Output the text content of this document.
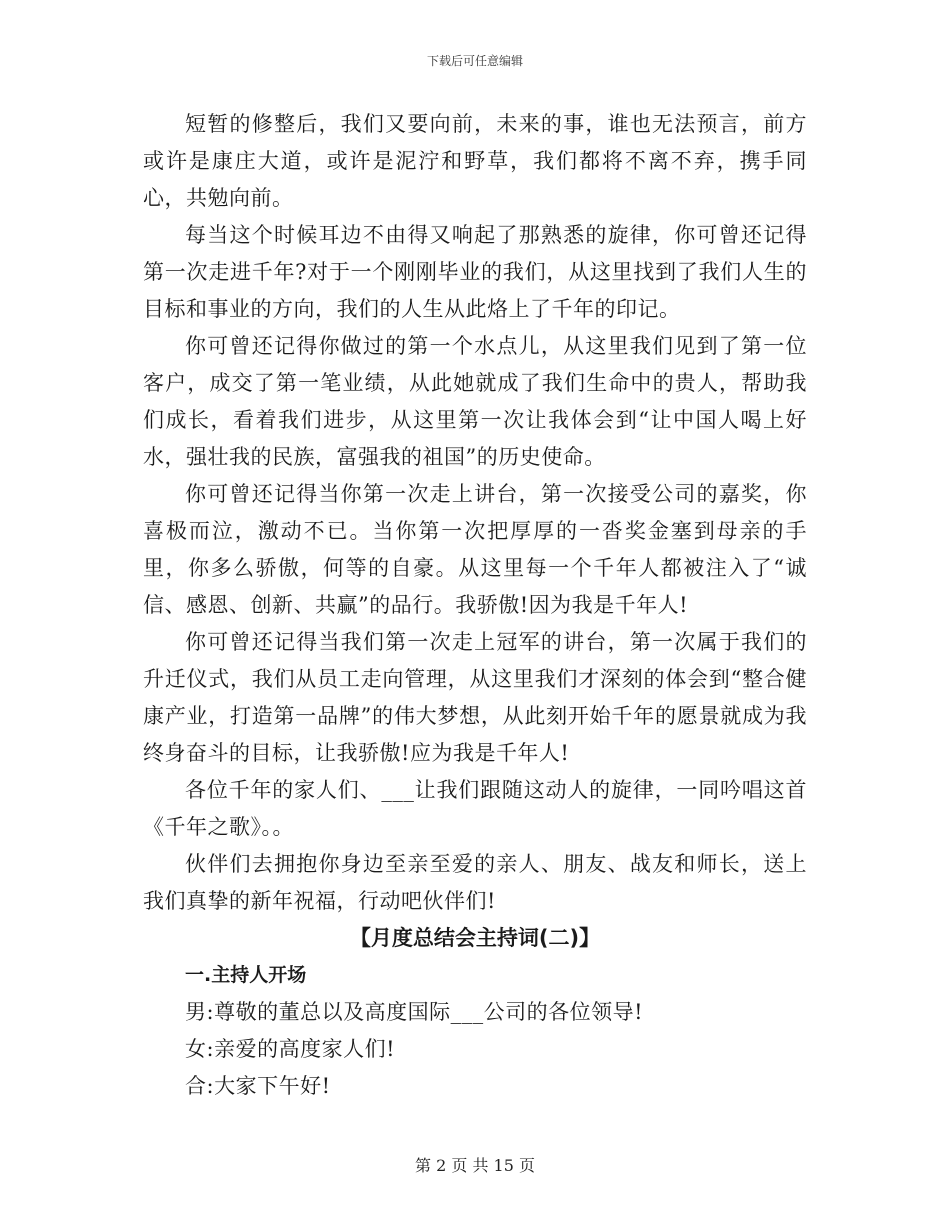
下载后可任意编辑

短暂的修整后，我们又要向前，未来的事，谁也无法预言，前方或许是康庄大道，或许是泥泞和野草，我们都将不离不弃，携手同心，共勉向前。

每当这个时候耳边不由得又响起了那熟悉的旋律，你可曾还记得第一次走进千年?对于一个刚刚毕业的我们，从这里找到了我们人生的目标和事业的方向，我们的人生从此烙上了千年的印记。

你可曾还记得你做过的第一个水点儿，从这里我们见到了第一位客户，成交了第一笔业绩，从此她就成了我们生命中的贵人，帮助我们成长，看着我们进步，从这里第一次让我体会到“让中国人喝上好水，强壮我的民族，富强我的祖国”的历史使命。

你可曾还记得当你第一次走上讲台，第一次接受公司的嘉奖，你喜极而泣，激动不已。当你第一次把厚厚的一沓奖金塞到母亲的手里，你多么骄傲，何等的自豪。从这里每一个千年人都被注入了“诚信、感恩、创新、共赢”的品行。我骄傲!因为我是千年人!

你可曾还记得当我们第一次走上冠军的讲台，第一次属于我们的升迁仪式，我们从员工走向管理，从这里我们才深刻的体会到“整合健康产业，打造第一品牌”的伟大梦想，从此刻开始千年的愿景就成为我终身奋斗的目标，让我骄傲!应为我是千年人!

各位千年的家人们、___让我们跟随这动人的旋律，一同吟唱这首《千年之歌》。。

伙伴们去拥抱你身边至亲至爱的亲人、朋友、战友和师长，送上我们真挚的新年祝福，行动吧伙伴们!

【月度总结会主持词(二)】

一.主持人开场

男:尊敬的董总以及高度国际___公司的各位领导!

女:亲爱的高度家人们!

合:大家下午好!

第 2 页 共 15 页
